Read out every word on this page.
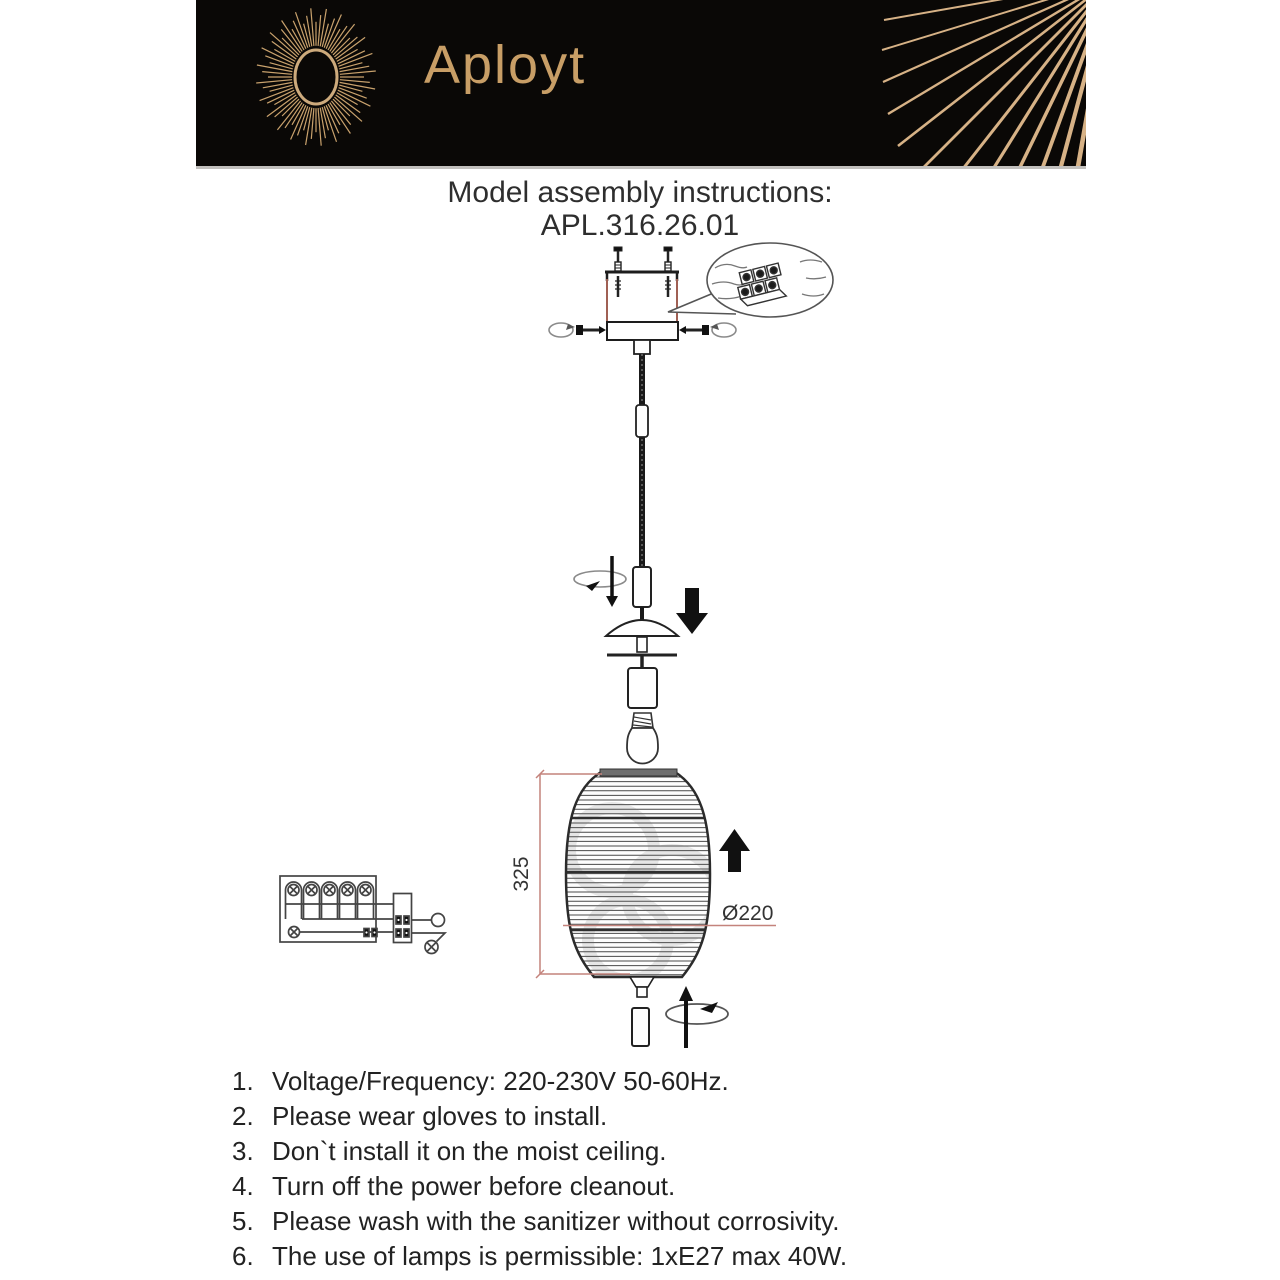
Aployt
Model assembly instructions:
APL.316.26.01
325
Ø220
1. Voltage/Frequency: 220-230V 50-60Hz.
2. Please wear gloves to install.
3. Don`t install it on the moist ceiling.
4. Turn off the power before cleanout.
5. Please wash with the sanitizer without corrosivity.
6. The use of lamps is permissible: 1xE27 max 40W.
